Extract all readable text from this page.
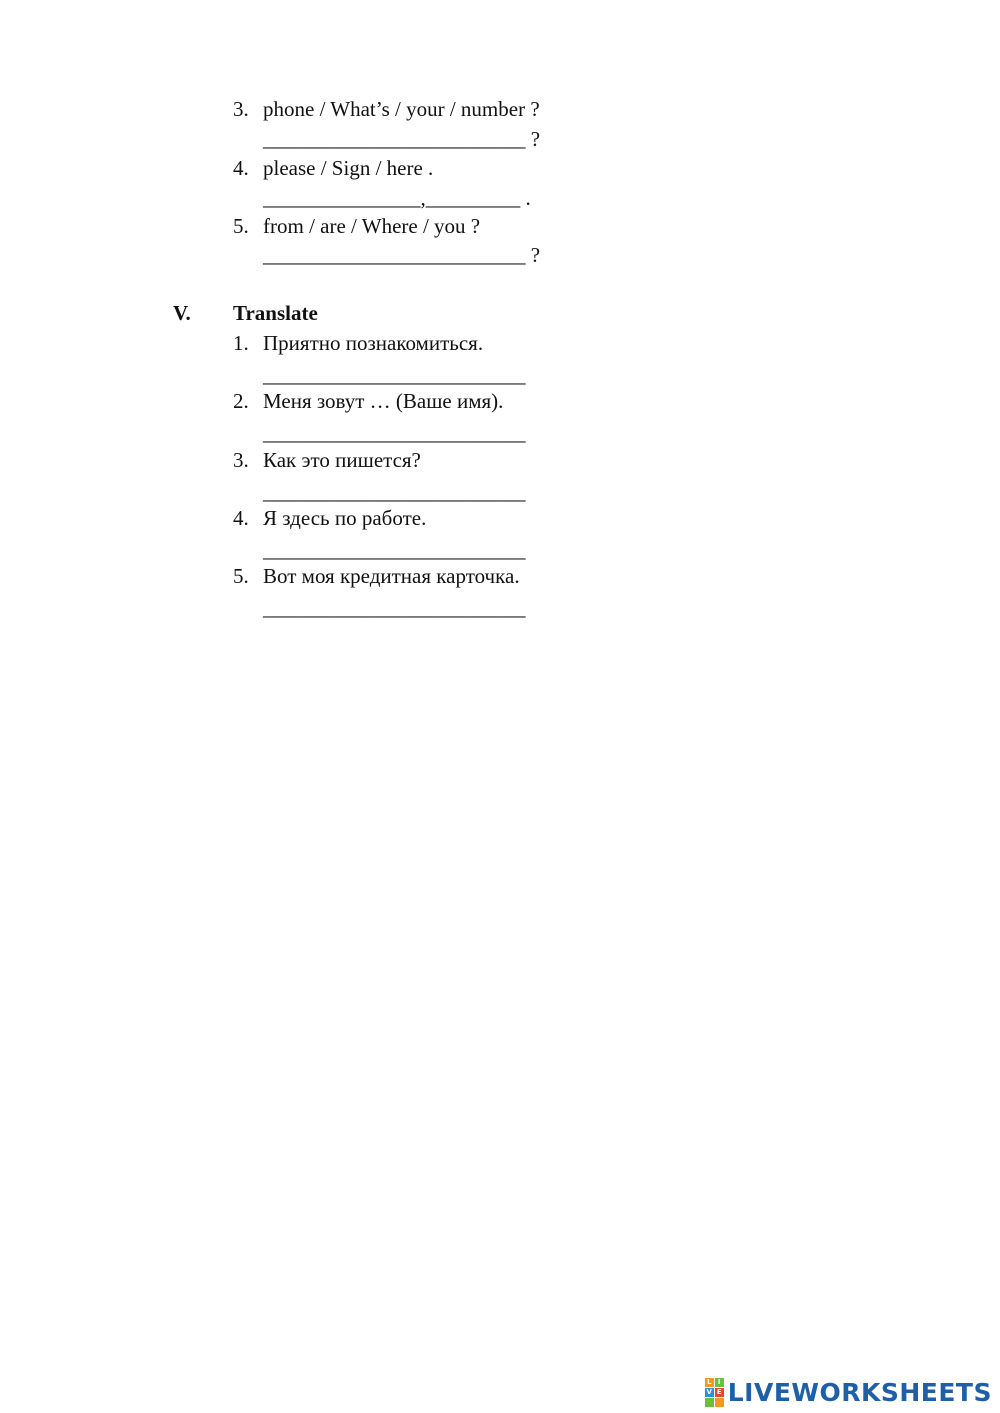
3. phone / What’s / your / number ?
_________________________ ?
4. please / Sign / here .
_______________,_________ .
5. from / are / Where / you ?
_________________________ ?
V. Translate
1. Приятно познакомиться.
_________________________
2. Меня зовут … (Ваше имя).
_________________________
3. Как это пишется?
_________________________
4. Я здесь по работе.
_________________________
5. Вот моя кредитная карточка.
_________________________
L I
V E LIVEWORKSHEETS
